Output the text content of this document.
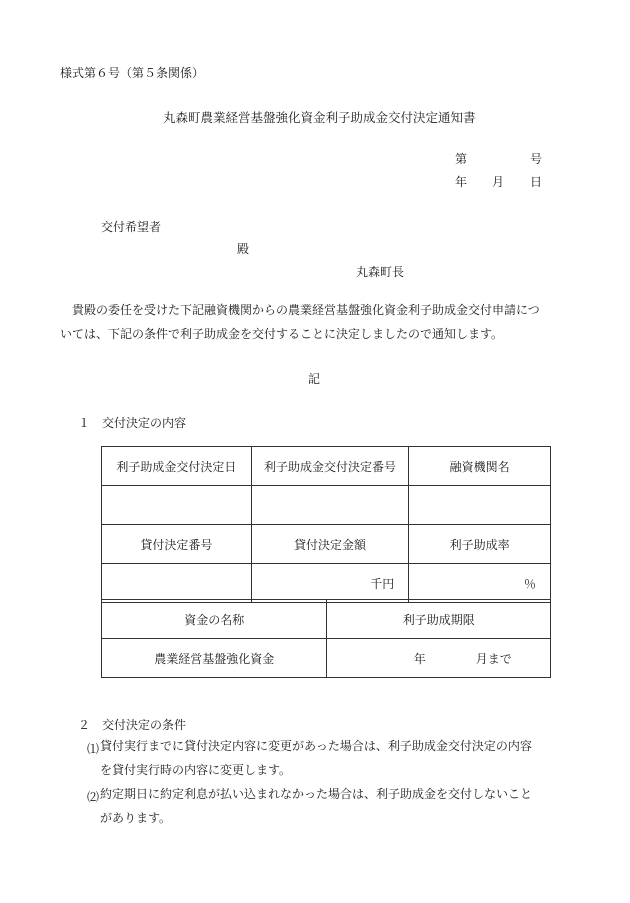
様式第６号（第５条関係）
丸森町農業経営基盤強化資金利子助成金交付決定通知書
第	号
年 月 日
交付希望者
殿
丸森町長
　貴殿の委任を受けた下記融資機関からの農業経営基盤強化資金利子助成金交付申請につ
いては、下記の条件で利子助成金を交付することに決定しましたので通知します。
記
１　交付決定の内容
利子助成金交付決定日	利子助成金交付決定番号	融資機関名

貸付決定番号	貸付決定金額	利子助成率
	千円	％
資金の名称	利子助成期限
農業経営基盤強化資金	年 月まで
２　交付決定の条件
⑴ 貸付実行までに貸付決定内容に変更があった場合は、利子助成金交付決定の内容
を貸付実行時の内容に変更します。
⑵ 約定期日に約定利息が払い込まれなかった場合は、利子助成金を交付しないこと
があります。
